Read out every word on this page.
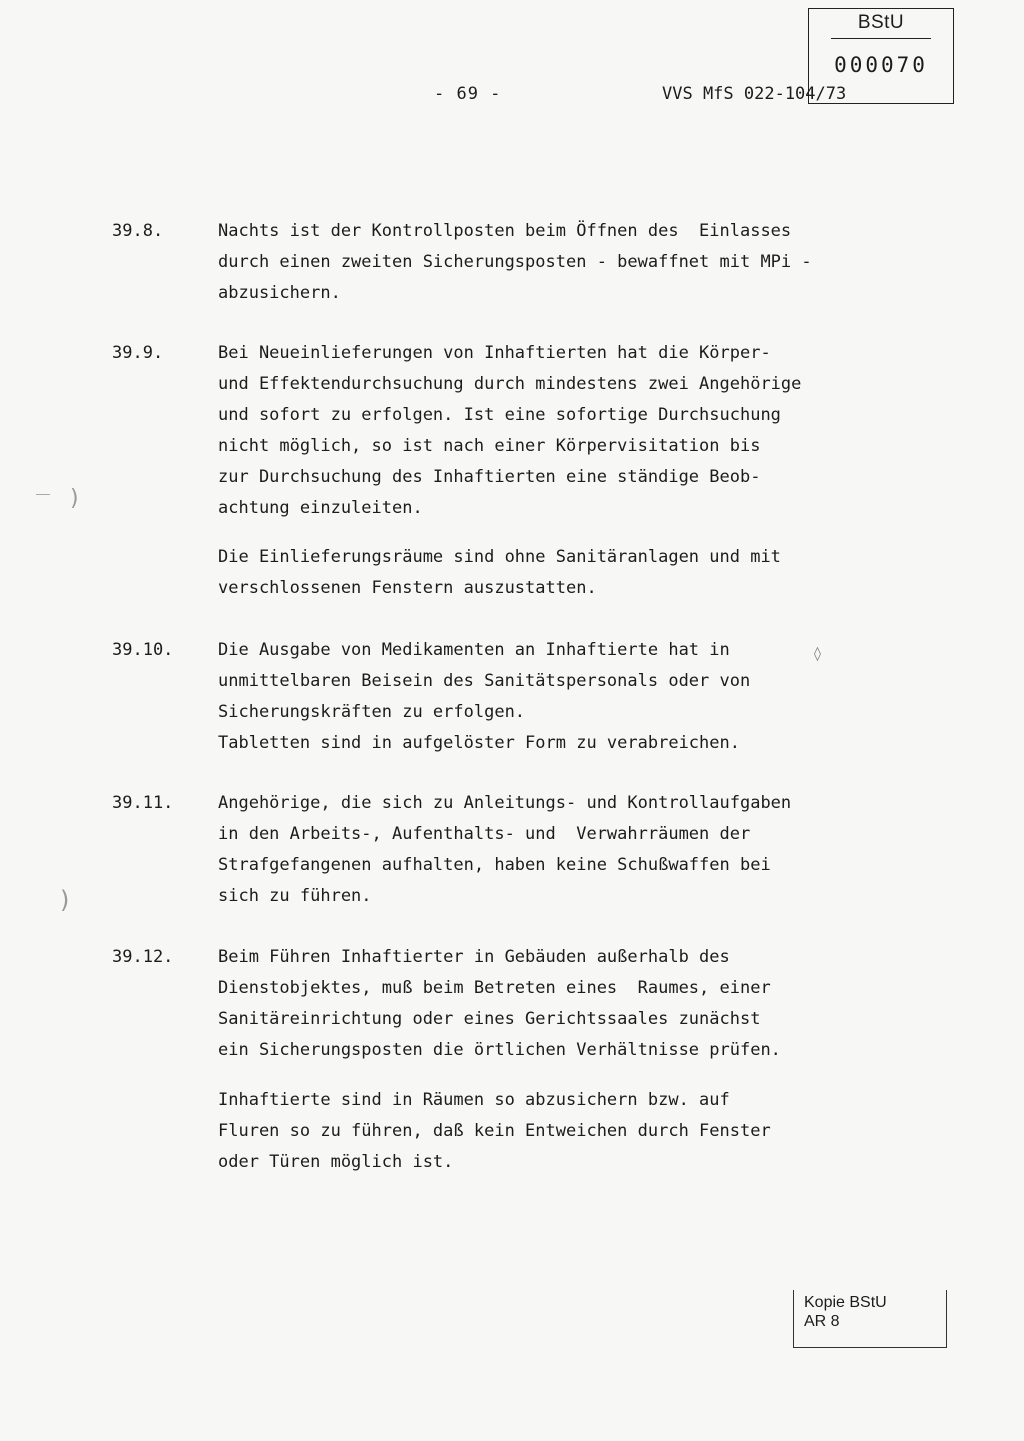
BStU
000070
- 69 -	VVS MfS 022-104/73
39.8.	Nachts ist der Kontrollposten beim Öffnen des  Einlasses
durch einen zweiten Sicherungsposten - bewaffnet mit MPi -
abzusichern.
39.9.	Bei Neueinlieferungen von Inhaftierten hat die Körper-
und Effektendurchsuchung durch mindestens zwei Angehörige
und sofort zu erfolgen. Ist eine sofortige Durchsuchung
nicht möglich, so ist nach einer Körpervisitation bis
zur Durchsuchung des Inhaftierten eine ständige Beob-
achtung einzuleiten.
Die Einlieferungsräume sind ohne Sanitäranlagen und mit
verschlossenen Fenstern auszustatten.
39.10.	Die Ausgabe von Medikamenten an Inhaftierte hat in
unmittelbaren Beisein des Sanitätspersonals oder von
Sicherungskräften zu erfolgen.
Tabletten sind in aufgelöster Form zu verabreichen.
39.11.	Angehörige, die sich zu Anleitungs- und Kontrollaufgaben
in den Arbeits-, Aufenthalts- und  Verwahrräumen der
Strafgefangenen aufhalten, haben keine Schußwaffen bei
sich zu führen.
39.12.	Beim Führen Inhaftierter in Gebäuden außerhalb des
Dienstobjektes, muß beim Betreten eines  Raumes, einer
Sanitäreinrichtung oder eines Gerichtssaales zunächst
ein Sicherungsposten die örtlichen Verhältnisse prüfen.
Inhaftierte sind in Räumen so abzusichern bzw. auf
Fluren so zu führen, daß kein Entweichen durch Fenster
oder Türen möglich ist.
Kopie BStU
AR 8
)
)
◊
